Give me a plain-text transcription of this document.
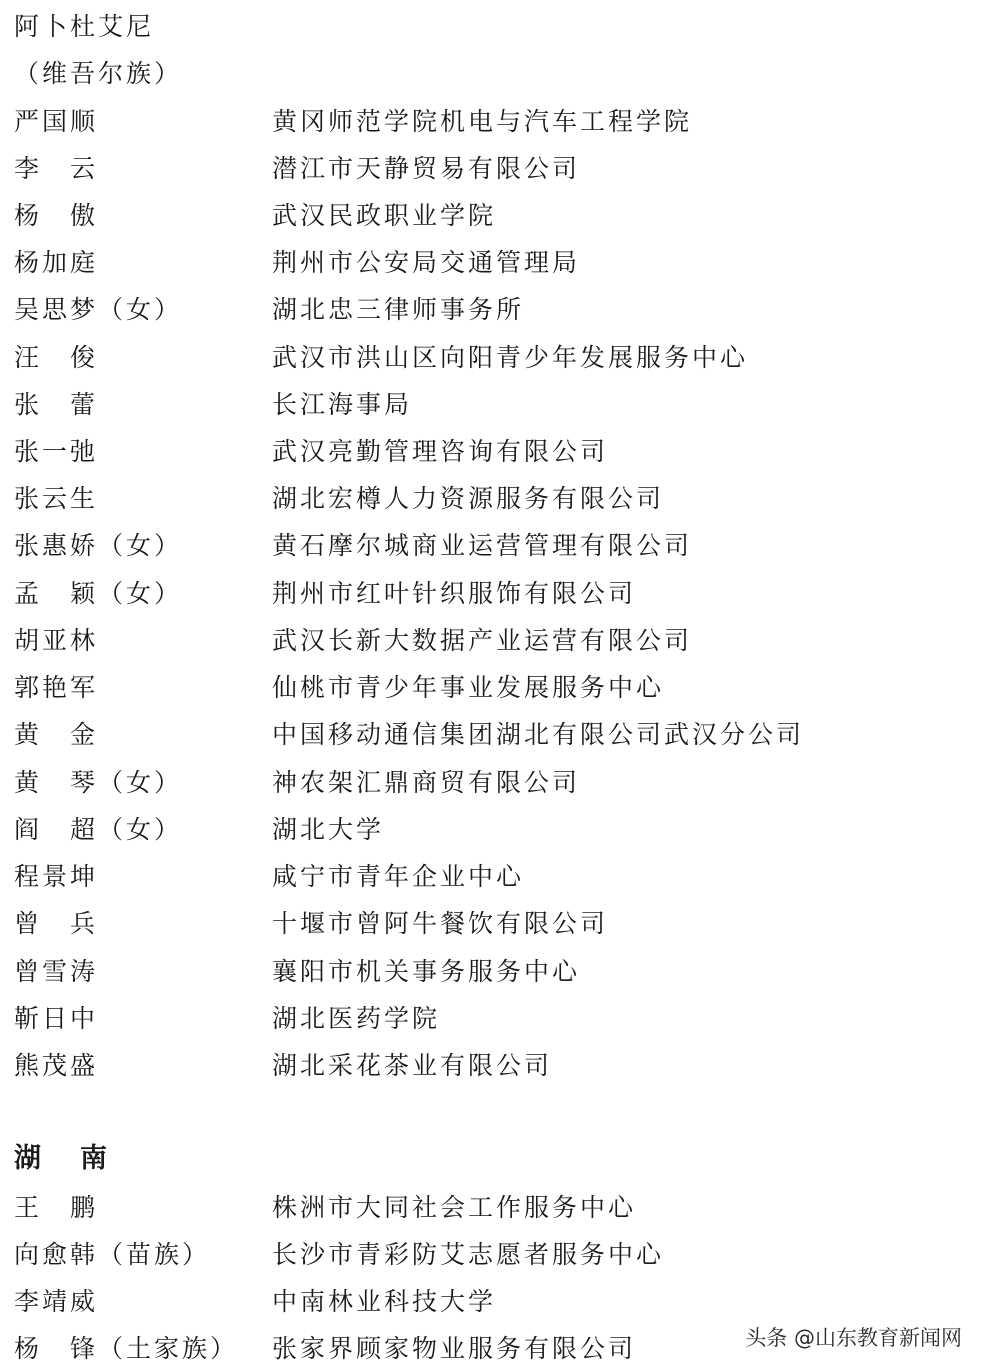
阿卜杜艾尼
（维吾尔族）
严国顺	黄冈师范学院机电与汽车工程学院
李　云	潜江市天静贸易有限公司
杨　傲	武汉民政职业学院
杨加庭	荆州市公安局交通管理局
吴思梦（女）	湖北忠三律师事务所
汪　俊	武汉市洪山区向阳青少年发展服务中心
张　蕾	长江海事局
张一弛	武汉亮勤管理咨询有限公司
张云生	湖北宏樽人力资源服务有限公司
张惠娇（女）	黄石摩尔城商业运营管理有限公司
孟　颖（女）	荆州市红叶针织服饰有限公司
胡亚林	武汉长新大数据产业运营有限公司
郭艳军	仙桃市青少年事业发展服务中心
黄　金	中国移动通信集团湖北有限公司武汉分公司
黄　琴（女）	神农架汇鼎商贸有限公司
阎　超（女）	湖北大学
程景坤	咸宁市青年企业中心
曾　兵	十堰市曾阿牛餐饮有限公司
曾雪涛	襄阳市机关事务服务中心
靳日中	湖北医药学院
熊茂盛	湖北采花茶业有限公司
湖　南
王　鹏	株洲市大同社会工作服务中心
向愈韩（苗族） 长沙市青彩防艾志愿者服务中心
李靖威	中南林业科技大学
杨　锋（土家族） 张家界顾家物业服务有限公司	头条 @山东教育新闻网
